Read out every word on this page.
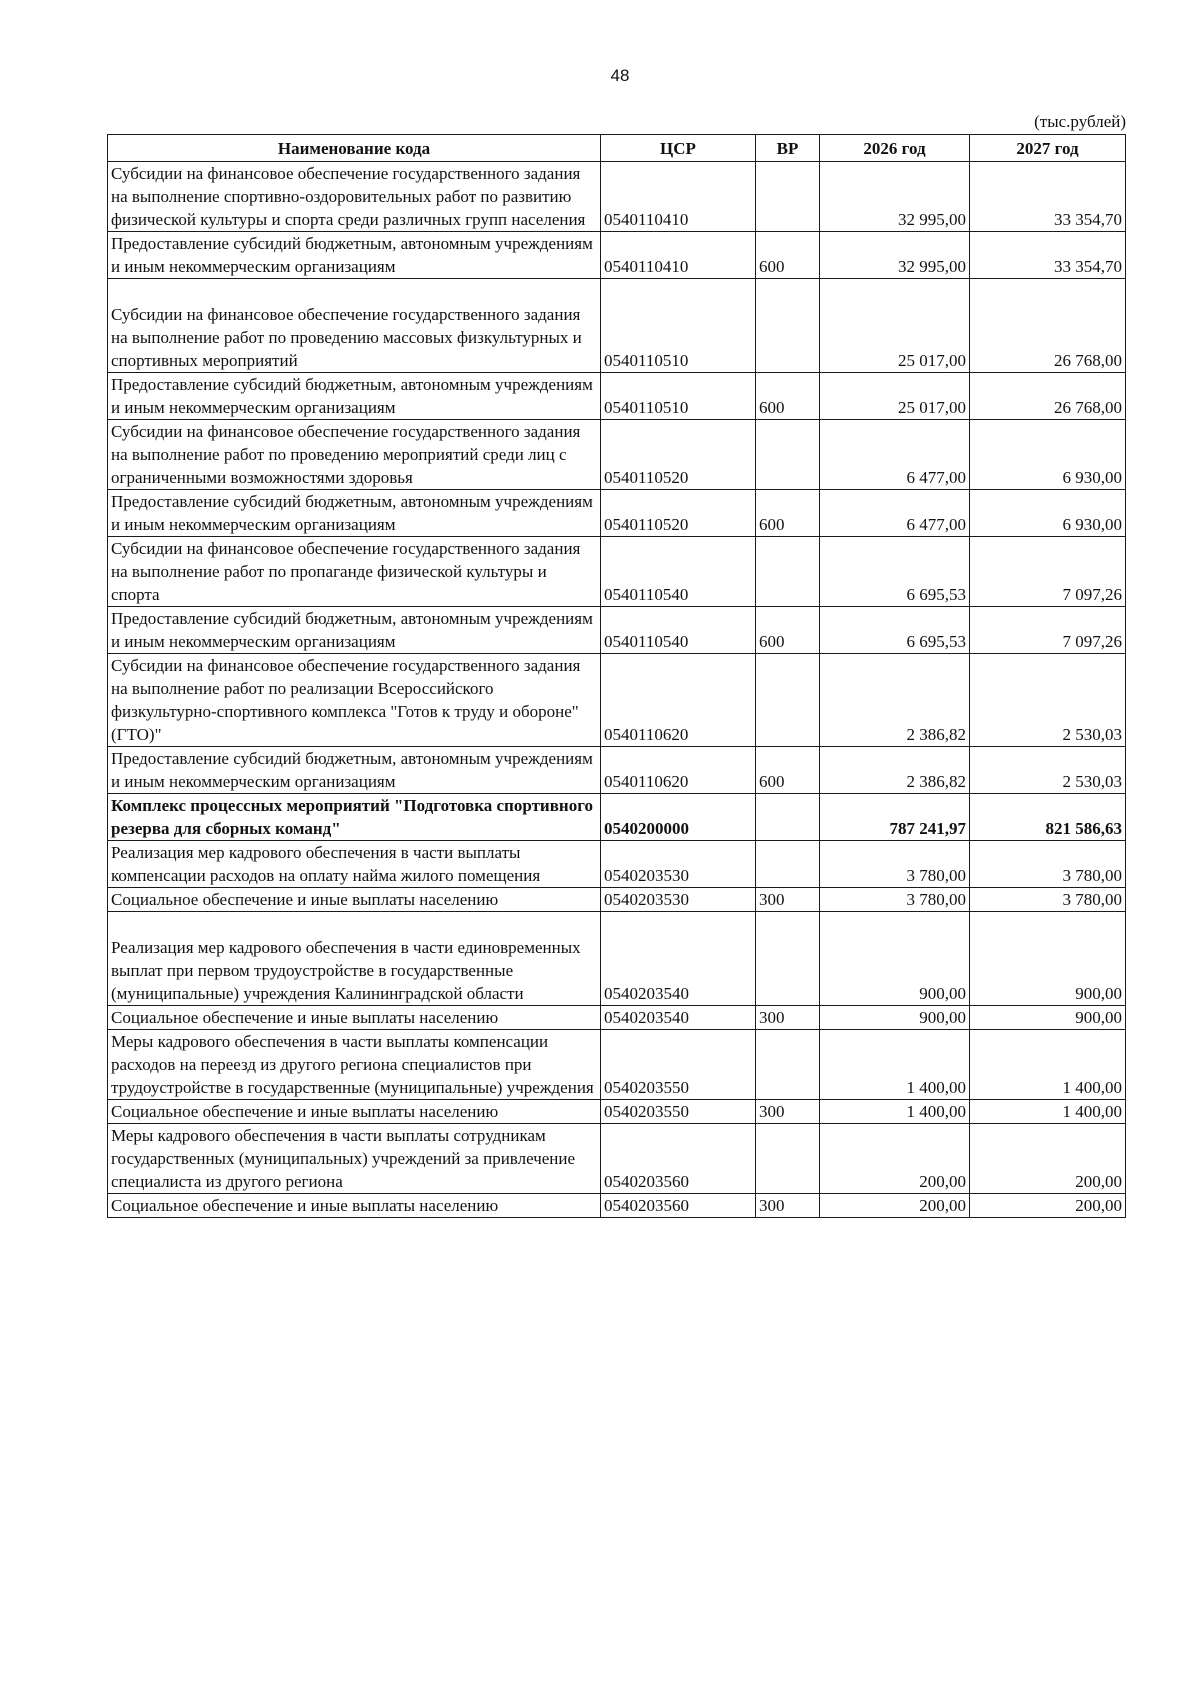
48
(тыс.рублей)
Наименование кода	ЦСР	ВР	2026 год	2027 год
Субсидии на финансовое обеспечение государственного задания на выполнение спортивно-оздоровительных работ по развитию физической культуры и спорта среди различных групп населения	0540110410		32 995,00	33 354,70
Предоставление субсидий бюджетным, автономным учреждениям и иным некоммерческим организациям	0540110410	600	32 995,00	33 354,70
Субсидии на финансовое обеспечение государственного задания на выполнение работ по проведению массовых физкультурных и спортивных мероприятий	0540110510		25 017,00	26 768,00
Предоставление субсидий бюджетным, автономным учреждениям и иным некоммерческим организациям	0540110510	600	25 017,00	26 768,00
Субсидии на финансовое обеспечение государственного задания на выполнение работ по проведению мероприятий среди лиц с ограниченными возможностями здоровья	0540110520		6 477,00	6 930,00
Предоставление субсидий бюджетным, автономным учреждениям и иным некоммерческим организациям	0540110520	600	6 477,00	6 930,00
Субсидии на финансовое обеспечение государственного задания на выполнение работ по пропаганде физической культуры и спорта	0540110540		6 695,53	7 097,26
Предоставление субсидий бюджетным, автономным учреждениям и иным некоммерческим организациям	0540110540	600	6 695,53	7 097,26
Субсидии на финансовое обеспечение государственного задания на выполнение работ по реализации Всероссийского физкультурно-спортивного комплекса "Готов к труду и обороне" (ГТО)"	0540110620		2 386,82	2 530,03
Предоставление субсидий бюджетным, автономным учреждениям и иным некоммерческим организациям	0540110620	600	2 386,82	2 530,03
Комплекс процессных мероприятий "Подготовка спортивного резерва для сборных команд"	0540200000		787 241,97	821 586,63
Реализация мер кадрового обеспечения в части выплаты компенсации расходов на оплату найма жилого помещения	0540203530		3 780,00	3 780,00
Социальное обеспечение и иные выплаты населению	0540203530	300	3 780,00	3 780,00
Реализация мер кадрового обеспечения в части единовременных выплат при первом трудоустройстве в государственные (муниципальные) учреждения Калининградской области	0540203540		900,00	900,00
Социальное обеспечение и иные выплаты населению	0540203540	300	900,00	900,00
Меры кадрового обеспечения в части выплаты компенсации расходов на переезд из другого региона специалистов при трудоустройстве в государственные (муниципальные) учреждения	0540203550		1 400,00	1 400,00
Социальное обеспечение и иные выплаты населению	0540203550	300	1 400,00	1 400,00
Меры кадрового обеспечения в части выплаты сотрудникам государственных (муниципальных) учреждений за привлечение специалиста из другого региона	0540203560		200,00	200,00
Социальное обеспечение и иные выплаты населению	0540203560	300	200,00	200,00
